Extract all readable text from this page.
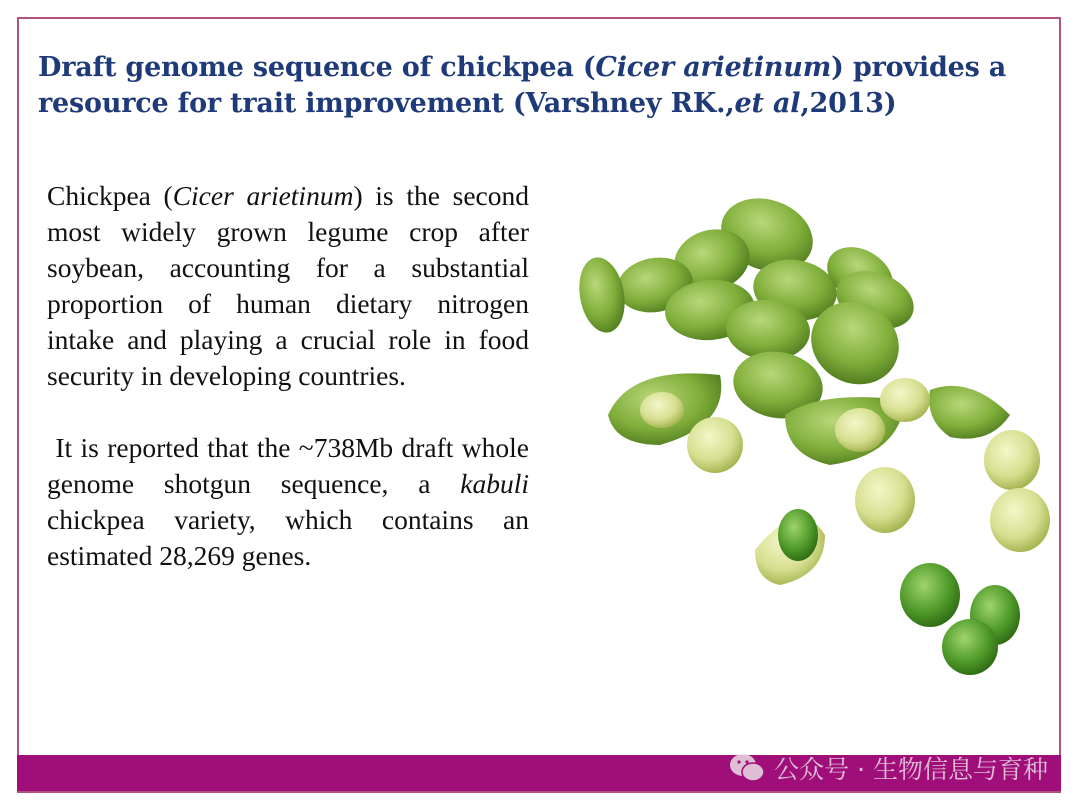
Draft genome sequence of chickpea (Cicer arietinum) provides a resource for trait improvement (Varshney RK.,et al,2013)

Chickpea (Cicer arietinum) is the second most widely grown legume crop after soybean, accounting for a substantial proportion of human dietary nitrogen intake and playing a crucial role in food security in developing countries.

It is reported that the ~738Mb draft whole genome shotgun sequence, a kabuli chickpea variety, which contains an estimated 28,269 genes.

公众号 · 生物信息与育种
